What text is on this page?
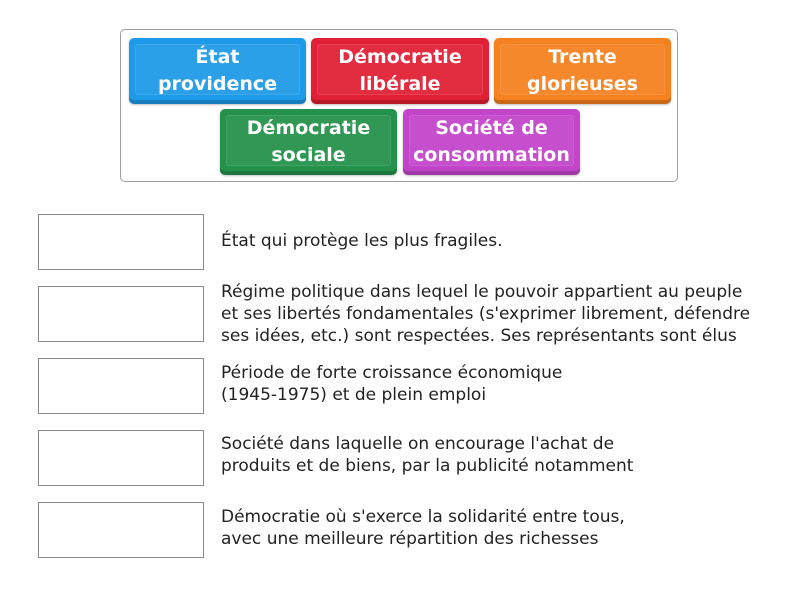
État providence
Démocratie libérale
Trente glorieuses
Démocratie sociale
Société de consommation
État qui protège les plus fragiles.
Régime politique dans lequel le pouvoir appartient au peuple
et ses libertés fondamentales (s'exprimer librement, défendre
ses idées, etc.) sont respectées. Ses représentants sont élus
Période de forte croissance économique
(1945-1975) et de plein emploi
Société dans laquelle on encourage l'achat de
produits et de biens, par la publicité notamment
Démocratie où s'exerce la solidarité entre tous,
avec une meilleure répartition des richesses
